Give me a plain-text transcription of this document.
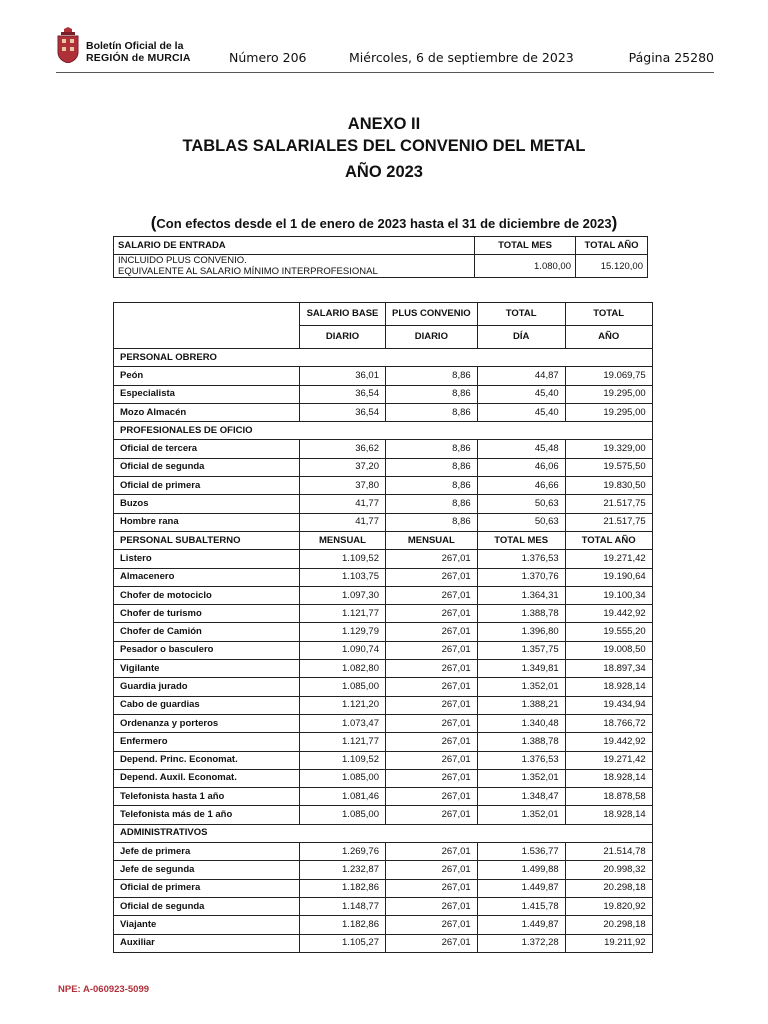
Boletín Oficial de la
REGIÓN de MURCIA	Número 206	Miércoles, 6 de septiembre de 2023	Página 25280
ANEXO II
TABLAS SALARIALES DEL CONVENIO DEL METAL
AÑO 2023
(Con efectos desde el 1 de enero de 2023 hasta el 31 de diciembre de 2023)
SALARIO DE ENTRADA	TOTAL MES	TOTAL AÑO

INCLUIDO PLUS CONVENIO.
EQUIVALENTE AL SALARIO MÍNIMO INTERPROFESIONAL	1.080,00	15.120,00
	SALARIO BASE	PLUS CONVENIO	TOTAL	TOTAL
	DIARIO	DIARIO	DÍA	AÑO
PERSONAL OBRERO				
Peón	36,01	8,86	44,87	19.069,75
Especialista	36,54	8,86	45,40	19.295,00
Mozo Almacén	36,54	8,86	45,40	19.295,00
PROFESIONALES DE OFICIO				
Oficial de tercera	36,62	8,86	45,48	19.329,00
Oficial de segunda	37,20	8,86	46,06	19.575,50
Oficial de primera	37,80	8,86	46,66	19.830,50
Buzos	41,77	8,86	50,63	21.517,75
Hombre rana	41,77	8,86	50,63	21.517,75
PERSONAL SUBALTERNO	MENSUAL	MENSUAL	TOTAL MES	TOTAL AÑO
Listero	1.109,52	267,01	1.376,53	19.271,42
Almacenero	1.103,75	267,01	1.370,76	19.190,64
Chofer de motociclo	1.097,30	267,01	1.364,31	19.100,34
Chofer de turismo	1.121,77	267,01	1.388,78	19.442,92
Chofer de Camión	1.129,79	267,01	1.396,80	19.555,20
Pesador o basculero	1.090,74	267,01	1.357,75	19.008,50
Vigilante	1.082,80	267,01	1.349,81	18.897,34
Guardia jurado	1.085,00	267,01	1.352,01	18.928,14
Cabo de guardias	1.121,20	267,01	1.388,21	19.434,94
Ordenanza y porteros	1.073,47	267,01	1.340,48	18.766,72
Enfermero	1.121,77	267,01	1.388,78	19.442,92
Depend. Princ. Economat.	1.109,52	267,01	1.376,53	19.271,42
Depend. Auxil. Economat.	1.085,00	267,01	1.352,01	18.928,14
Telefonista hasta 1 año	1.081,46	267,01	1.348,47	18.878,58
Telefonista más de 1 año	1.085,00	267,01	1.352,01	18.928,14
ADMINISTRATIVOS				
Jefe de primera	1.269,76	267,01	1.536,77	21.514,78
Jefe de segunda	1.232,87	267,01	1.499,88	20.998,32
Oficial de primera	1.182,86	267,01	1.449,87	20.298,18
Oficial de segunda	1.148,77	267,01	1.415,78	19.820,92
Viajante	1.182,86	267,01	1.449,87	20.298,18
Auxiliar	1.105,27	267,01	1.372,28	19.211,92
NPE: A-060923-5099
